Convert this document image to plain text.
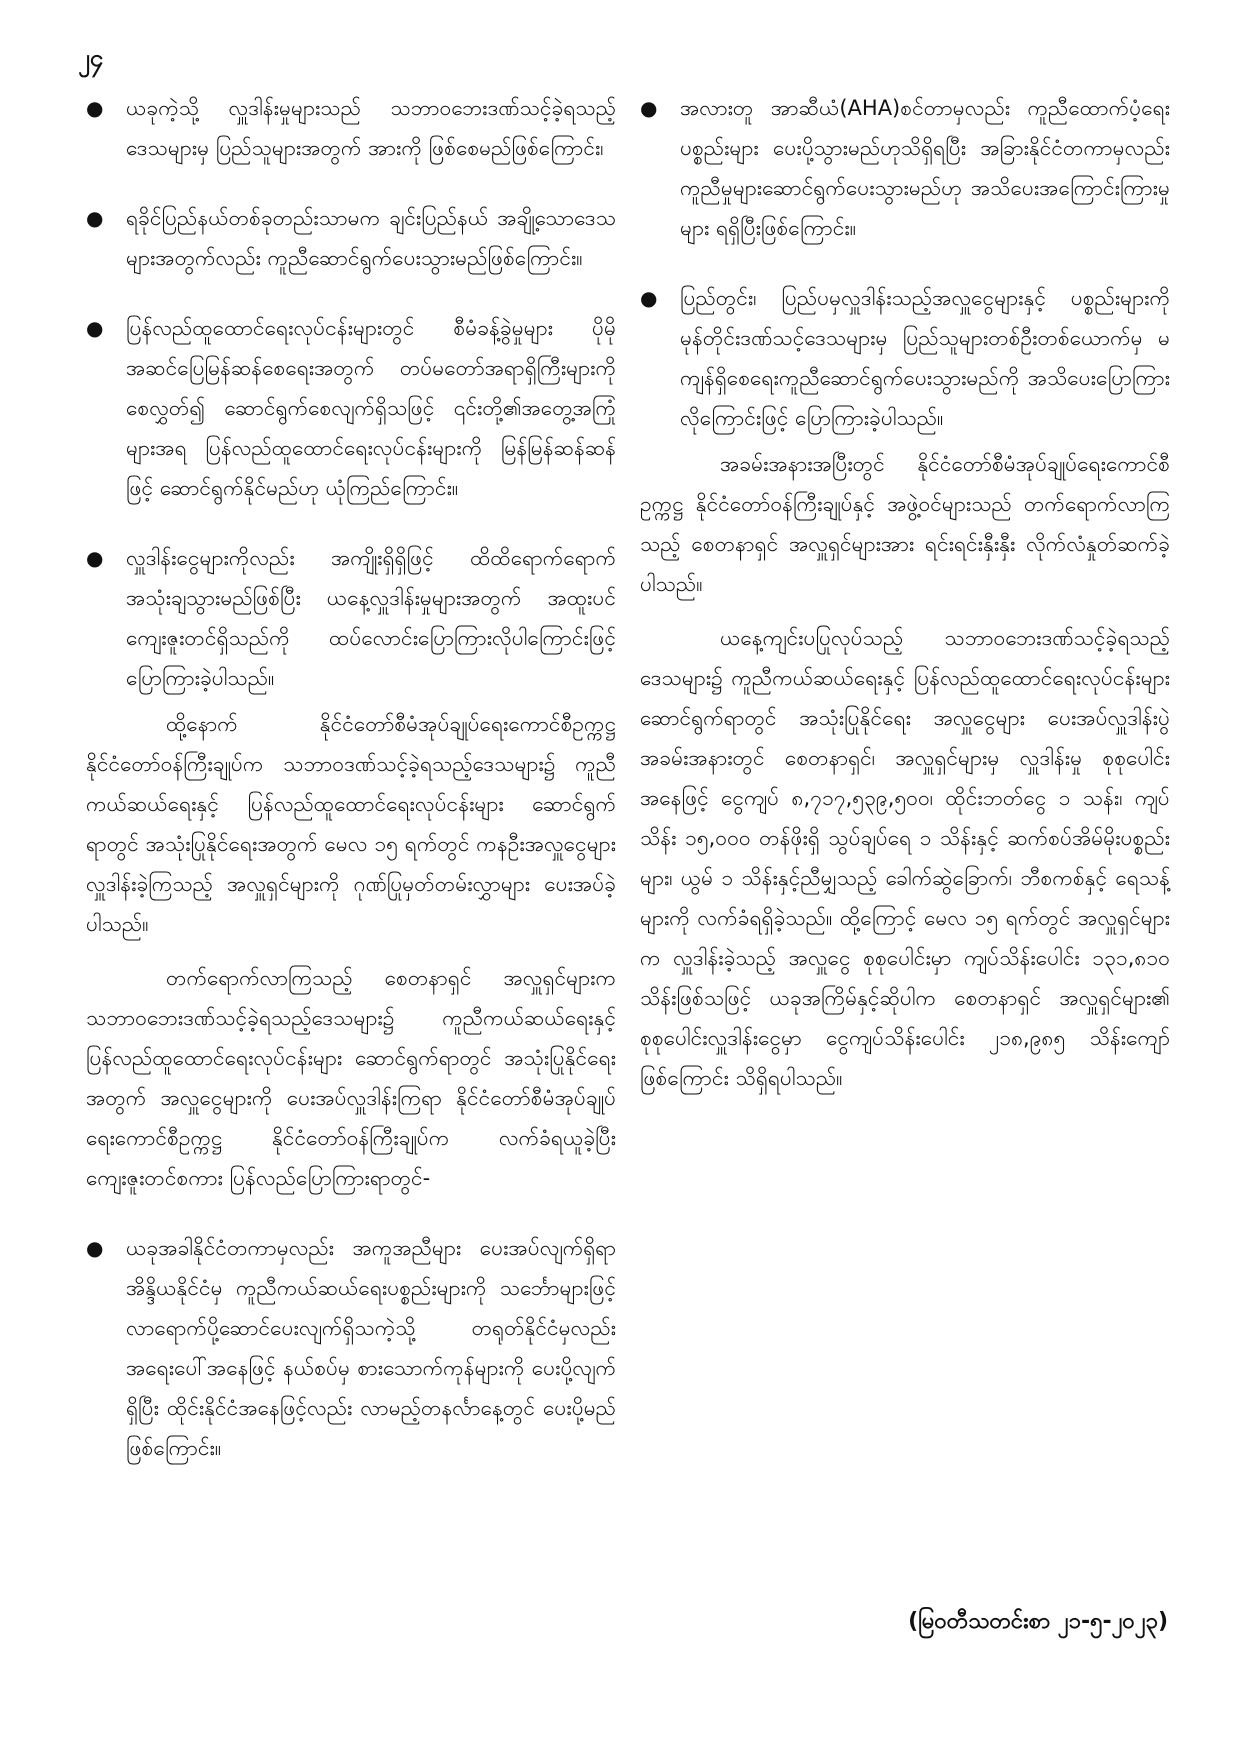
၂၄
● ယခုကဲ့သို့ လှူဒါန်းမှုများသည် သဘာဝဘေးဒဏ်သင့်ခဲ့ရသည့် ဒေသများမှ ပြည်သူများအတွက် အားကို ဖြစ်စေမည်ဖြစ်ကြောင်း၊
● ရခိုင်ပြည်နယ်တစ်ခုတည်းသာမက ချင်းပြည်နယ် အချို့သောဒေသများအတွက်လည်း ကူညီဆောင်ရွက်ပေးသွားမည်ဖြစ်ကြောင်း။
● ပြန်လည်ထူထောင်ရေးလုပ်ငန်းများတွင် စီမံခန့်ခွဲမှုများ ပိုမိုအဆင်ပြေမြန်ဆန်စေရေးအတွက် တပ်မတော်အရာရှိကြီးများကို စေလွှတ်၍ ဆောင်ရွက်စေလျက်ရှိသဖြင့် ၎င်းတို့၏အတွေ့အကြုံများအရ ပြန်လည်ထူထောင်ရေးလုပ်ငန်းများကို မြန်မြန်ဆန်ဆန်ဖြင့် ဆောင်ရွက်နိုင်မည်ဟု ယုံကြည်ကြောင်း။
● လှူဒါန်းငွေများကိုလည်း အကျိုးရှိရှိဖြင့် ထိထိရောက်ရောက် အသုံးချသွားမည်ဖြစ်ပြီး ယနေ့လှူဒါန်းမှုများအတွက် အထူးပင်ကျေးဇူးတင်ရှိသည်ကို ထပ်လောင်းပြောကြားလိုပါကြောင်းဖြင့် ပြောကြားခဲ့ပါသည်။

ထို့နောက် နိုင်ငံတော်စီမံအုပ်ချုပ်ရေးကောင်စီဥက္ကဋ္ဌ နိုင်ငံတော်ဝန်ကြီးချုပ်က သဘာဝဒဏ်သင့်ခဲ့ရသည့်ဒေသများ၌ ကူညီကယ်ဆယ်ရေးနှင့် ပြန်လည်ထူထောင်ရေးလုပ်ငန်းများ ဆောင်ရွက်ရာတွင် အသုံးပြုနိုင်ရေးအတွက် မေလ ၁၅ ရက်တွင် ကနဦးအလှူငွေများ လှူဒါန်းခဲ့ကြသည့် အလှူရှင်များကို ဂုဏ်ပြုမှတ်တမ်းလွှာများ ပေးအပ်ခဲ့ပါသည်။

တက်ရောက်လာကြသည့် စေတနာရှင် အလှူရှင်များက သဘာဝဘေးဒဏ်သင့်ခဲ့ရသည့်ဒေသများ၌ ကူညီကယ်ဆယ်ရေးနှင့် ပြန်လည်ထူထောင်ရေးလုပ်ငန်းများ ဆောင်ရွက်ရာတွင် အသုံးပြုနိုင်ရေးအတွက် အလှူငွေများကို ပေးအပ်လှူဒါန်းကြရာ နိုင်ငံတော်စီမံအုပ်ချုပ်ရေးကောင်စီဥက္ကဋ္ဌ နိုင်ငံတော်ဝန်ကြီးချုပ်က လက်ခံရယူခဲ့ပြီး ကျေးဇူးတင်စကား ပြန်လည်ပြောကြားရာတွင်-

● ယခုအခါနိုင်ငံတကာမှလည်း အကူအညီများ ပေးအပ်လျက်ရှိရာ အိန္ဒိယနိုင်ငံမှ ကူညီကယ်ဆယ်ရေးပစ္စည်းများကို သင်္ဘောများဖြင့် လာရောက်ပို့ဆောင်ပေးလျက်ရှိသကဲ့သို့ တရုတ်နိုင်ငံမှလည်း အရေးပေါ်အနေဖြင့် နယ်စပ်မှ စားသောက်ကုန်များကို ပေးပို့လျက်ရှိပြီး ထိုင်းနိုင်ငံအနေဖြင့်လည်း လာမည့်တနင်္လာနေ့တွင် ပေးပို့မည်ဖြစ်ကြောင်း။
● အလားတူ အာဆီယံ(AHA)စင်တာမှလည်း ကူညီထောက်ပံ့ရေးပစ္စည်းများ ပေးပို့သွားမည်ဟုသိရှိရပြီး အခြားနိုင်ငံတကာမှလည်း ကူညီမှုများဆောင်ရွက်ပေးသွားမည်ဟု အသိပေးအကြောင်းကြားမှုများ ရရှိပြီးဖြစ်ကြောင်း။
● ပြည်တွင်း၊ ပြည်ပမှလှူဒါန်းသည့်အလှူငွေများနှင့် ပစ္စည်းများကို မုန်တိုင်းဒဏ်သင့်ဒေသများမှ ပြည်သူများတစ်ဦးတစ်ယောက်မှ မကျန်ရှိစေရေးကူညီဆောင်ရွက်ပေးသွားမည်ကို အသိပေးပြောကြားလိုကြောင်းဖြင့် ပြောကြားခဲ့ပါသည်။

အခမ်းအနားအပြီးတွင် နိုင်ငံတော်စီမံအုပ်ချုပ်ရေးကောင်စီဥက္ကဋ္ဌ နိုင်ငံတော်ဝန်ကြီးချုပ်နှင့် အဖွဲ့ဝင်များသည် တက်ရောက်လာကြသည့် စေတနာရှင် အလှူရှင်များအား ရင်းရင်းနှီးနှီး လိုက်လံနှုတ်ဆက်ခဲ့ပါသည်။

ယနေ့ကျင်းပပြုလုပ်သည့် သဘာဝဘေးဒဏ်သင့်ခဲ့ရသည့်ဒေသများ၌ ကူညီကယ်ဆယ်ရေးနှင့် ပြန်လည်ထူထောင်ရေးလုပ်ငန်းများဆောင်ရွက်ရာတွင် အသုံးပြုနိုင်ရေး အလှူငွေများ ပေးအပ်လှူဒါန်းပွဲအခမ်းအနားတွင် စေတနာရှင်၊ အလှူရှင်များမှ လှူဒါန်းမှု စုစုပေါင်းအနေဖြင့် ငွေကျပ် ၈,၇၁၇,၅၃၉,၅၀၀၊ ထိုင်းဘတ်ငွေ ၁ သန်း၊ ကျပ်သိန်း ၁၅,၀၀၀ တန်ဖိုးရှိ သွပ်ချပ်ရေ ၁ သိန်းနှင့် ဆက်စပ်အိမ်မိုးပစ္စည်းများ၊ ယွမ် ၁ သိန်းနှင့်ညီမျှသည့် ခေါက်ဆွဲခြောက်၊ ဘီစကစ်နှင့် ရေသန့်များကို လက်ခံရရှိခဲ့သည်။ ထို့ကြောင့် မေလ ၁၅ ရက်တွင် အလှူရှင်များက လှူဒါန်းခဲ့သည့် အလှူငွေ စုစုပေါင်းမှာ ကျပ်သိန်းပေါင်း ၁၃၁,၈၁၀ သိန်းဖြစ်သဖြင့် ယခုအကြိမ်နှင့်ဆိုပါက စေတနာရှင် အလှူရှင်များ၏ စုစုပေါင်းလှူဒါန်းငွေမှာ ငွေကျပ်သိန်းပေါင်း ၂၁၈,၉၈၅ သိန်းကျော် ဖြစ်ကြောင်း သိရှိရပါသည်။

(မြဝတီသတင်းစာ ၂၁-၅-၂၀၂၃)
